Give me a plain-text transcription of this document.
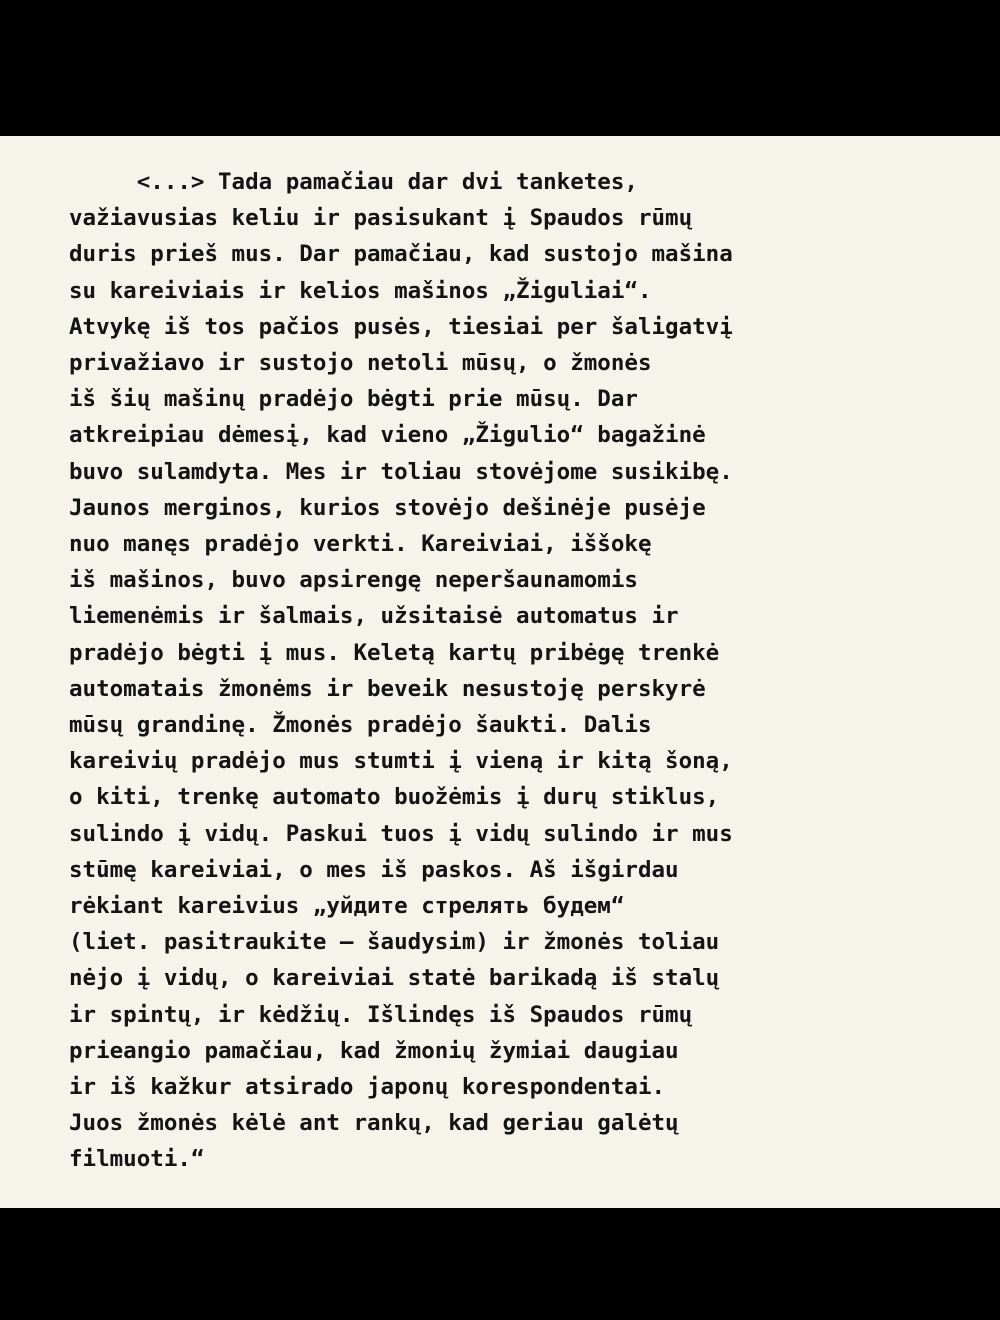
<...> Tada pamačiau dar dvi tanketes,
važiavusias keliu ir pasisukant į Spaudos rūmų
duris prieš mus. Dar pamačiau, kad sustojo mašina
su kareiviais ir kelios mašinos „Žiguliai“.
Atvykę iš tos pačios pusės, tiesiai per šaligatvį
privažiavo ir sustojo netoli mūsų, o žmonės
iš šių mašinų pradėjo bėgti prie mūsų. Dar
atkreipiau dėmesį, kad vieno „Žigulio“ bagažinė
buvo sulamdyta. Mes ir toliau stovėjome susikibę.
Jaunos merginos, kurios stovėjo dešinėje pusėje
nuo manęs pradėjo verkti. Kareiviai, iššokę
iš mašinos, buvo apsirengę neperšaunamomis
liemenėmis ir šalmais, užsitaisė automatus ir
pradėjo bėgti į mus. Keletą kartų pribėgę trenkė
automatais žmonėms ir beveik nesustoję perskyrė
mūsų grandinę. Žmonės pradėjo šaukti. Dalis
kareivių pradėjo mus stumti į vieną ir kitą šoną,
o kiti, trenkę automato buožėmis į durų stiklus,
sulindo į vidų. Paskui tuos į vidų sulindo ir mus
stūmę kareiviai, o mes iš paskos. Aš išgirdau
rėkiant kareivius „уйдите стрелять будем“
(liet. pasitraukite – šaudysim) ir žmonės toliau
nėjo į vidų, o kareiviai statė barikadą iš stalų
ir spintų, ir kėdžių. Išlindęs iš Spaudos rūmų
prieangio pamačiau, kad žmonių žymiai daugiau
ir iš kažkur atsirado japonų korespondentai.
Juos žmonės kėlė ant rankų, kad geriau galėtų
filmuoti.“
